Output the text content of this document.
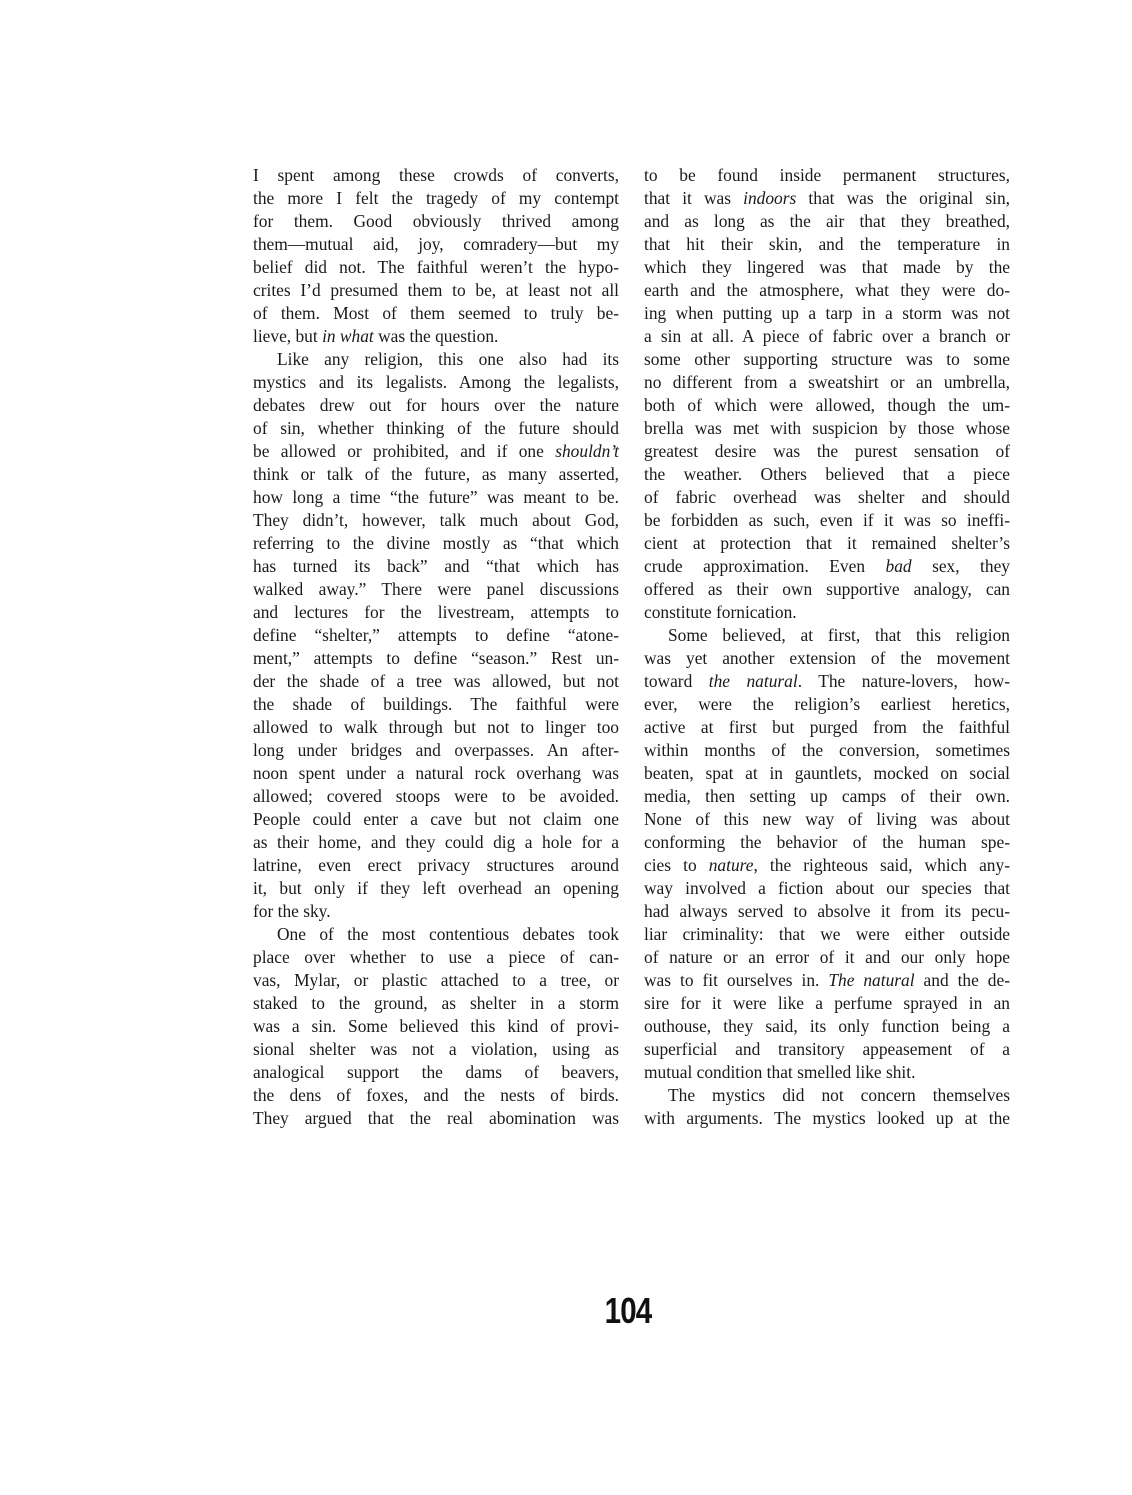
I spent among these crowds of converts,
the more I felt the tragedy of my contempt
for them. Good obviously thrived among
them—mutual aid, joy, comradery—but my
belief did not. The faithful weren’t the hypo-
crites I’d presumed them to be, at least not all
of them. Most of them seemed to truly be-
lieve, but in what was the question.
Like any religion, this one also had its
mystics and its legalists. Among the legalists,
debates drew out for hours over the nature
of sin, whether thinking of the future should
be allowed or prohibited, and if one shouldn’t
think or talk of the future, as many asserted,
how long a time “the future” was meant to be.
They didn’t, however, talk much about God,
referring to the divine mostly as “that which
has turned its back” and “that which has
walked away.” There were panel discussions
and lectures for the livestream, attempts to
define “shelter,” attempts to define “atone-
ment,” attempts to define “season.” Rest un-
der the shade of a tree was allowed, but not
the shade of buildings. The faithful were
allowed to walk through but not to linger too
long under bridges and overpasses. An after-
noon spent under a natural rock overhang was
allowed; covered stoops were to be avoided.
People could enter a cave but not claim one
as their home, and they could dig a hole for a
latrine, even erect privacy structures around
it, but only if they left overhead an opening
for the sky.
One of the most contentious debates took
place over whether to use a piece of can-
vas, Mylar, or plastic attached to a tree, or
staked to the ground, as shelter in a storm
was a sin. Some believed this kind of provi-
sional shelter was not a violation, using as
analogical support the dams of beavers,
the dens of foxes, and the nests of birds.
They argued that the real abomination was
to be found inside permanent structures,
that it was indoors that was the original sin,
and as long as the air that they breathed,
that hit their skin, and the temperature in
which they lingered was that made by the
earth and the atmosphere, what they were do-
ing when putting up a tarp in a storm was not
a sin at all. A piece of fabric over a branch or
some other supporting structure was to some
no different from a sweatshirt or an umbrella,
both of which were allowed, though the um-
brella was met with suspicion by those whose
greatest desire was the purest sensation of
the weather. Others believed that a piece
of fabric overhead was shelter and should
be forbidden as such, even if it was so ineffi-
cient at protection that it remained shelter’s
crude approximation. Even bad sex, they
offered as their own supportive analogy, can
constitute fornication.
Some believed, at first, that this religion
was yet another extension of the movement
toward the natural. The nature-lovers, how-
ever, were the religion’s earliest heretics,
active at first but purged from the faithful
within months of the conversion, sometimes
beaten, spat at in gauntlets, mocked on social
media, then setting up camps of their own.
None of this new way of living was about
conforming the behavior of the human spe-
cies to nature, the righteous said, which any-
way involved a fiction about our species that
had always served to absolve it from its pecu-
liar criminality: that we were either outside
of nature or an error of it and our only hope
was to fit ourselves in. The natural and the de-
sire for it were like a perfume sprayed in an
outhouse, they said, its only function being a
superficial and transitory appeasement of a
mutual condition that smelled like shit.
The mystics did not concern themselves
with arguments. The mystics looked up at the
104
